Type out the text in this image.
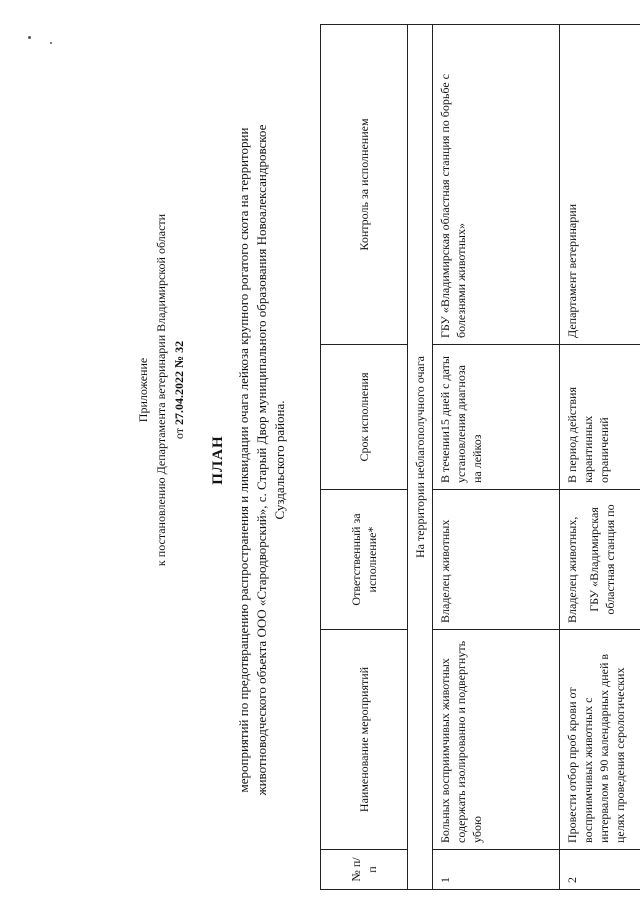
Приложение к постановлению Департамента ветеринарии Владимирской области от 27.04.2022 № 32
ПЛАН мероприятий по предотвращению распространения и ликвидации очага лейкоза крупного рогатого скота на территории животноводческого объекта ООО «Стародворский», с. Старый Двор муниципального образования Новоалександровское Суздальского района.
№ п/п	Наименование мероприятий	Ответственный за исполнение*	Срок исполнения	Контроль за исполнением
На территории неблагополучного очага				
1	Больных восприимчивых животных содержать изолированно и подвергнуть убою	Владелец животных	В течении15 дней с даты установления диагноза на лейкоз	ГБУ «Владимирская областная станция по борьбе с болезнями животных»
2	Провести отбор проб крови от восприимчивых животных с интервалом в 90 календарных дней в целях проведения серологических	Владелец животных, ГБУ «Владимирская областная станция по	В период действия карантинных ограничений	Департамент ветеринарии
